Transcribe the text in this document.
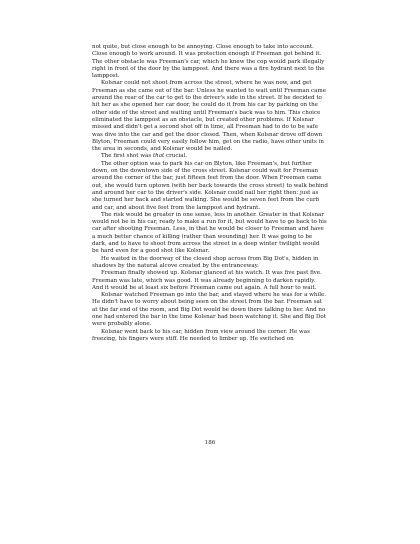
not quite, but close enough to be annoying. Close enough to take into account. Close enough to work around. It was protection enough if Freeman got behind it. The other obstacle was Freeman's car, which he knew the cop would park illegally right in front of the door by the lamppost. And there was a fire hydrant next to the lamppost.

Kolsnar could not shoot from across the street, where he was now, and get Freeman as she came out of the bar. Unless he wanted to wait until Freeman came around the rear of the car to get to the driver's side in the street. If he decided to hit her as she opened her car door, he could do it from his car by parking on the other side of the street and waiting until Freeman's back was to him. This choice eliminated the lamppost as an obstacle, but created other problems. If Kolsnar missed and didn't get a second shot off in time, all Freeman had to do to be safe was dive into the car and get the door closed. Then, when Kolsnar drove off down Blyton, Freeman could very easily follow him, get on the radio, have other units in the area in seconds, and Kolsnar would be nailed.

The first shot was that crucial.

The other option was to park his car on Blyton, like Freeman's, but further down, on the downtown side of the cross street. Kolsnar could wait for Freeman around the corner of the bar, just fifteen feet from the door. When Freeman came out, she would turn uptown (with her back towards the cross street) to walk behind and around her car to the driver's side. Kolsnar could nail her right then: just as she turned her back and started walking. She would be seven feet from the curb and car, and about five feet from the lamppost and hydrant.

The risk would be greater in one sense, less in another. Greater in that Kolsnar would not be in his car, ready to make a run for it, but would have to go back to his car after shooting Freeman. Less, in that he would be closer to Freeman and have a much better chance of killing (rather than wounding) her. It was going to be dark, and to have to shoot from across the street in a deep winter twilight would be hard even for a good shot like Kolsnar.

He waited in the doorway of the closed shop across from Big Dot's, hidden in shadows by the natural alcove created by the entranceway.

Freeman finally showed up. Kolsnar glanced at his watch. It was five past five. Freeman was late, which was good. It was already beginning to darken rapidly. And it would be at least six before Freeman came out again. A full hour to wait.

Kolsnar watched Freeman go into the bar, and stayed where he was for a while. He didn't have to worry about being seen on the street from the bar. Freeman sat at the far end of the room, and Big Dot would be down there talking to her. And no one had entered the bar in the time Kolsnar had been watching it. She and Big Dot were probably alone.

Kolsnar went back to his car, hidden from view around the corner. He was freezing, his fingers were stiff. He needed to limber up. He switched on

186
